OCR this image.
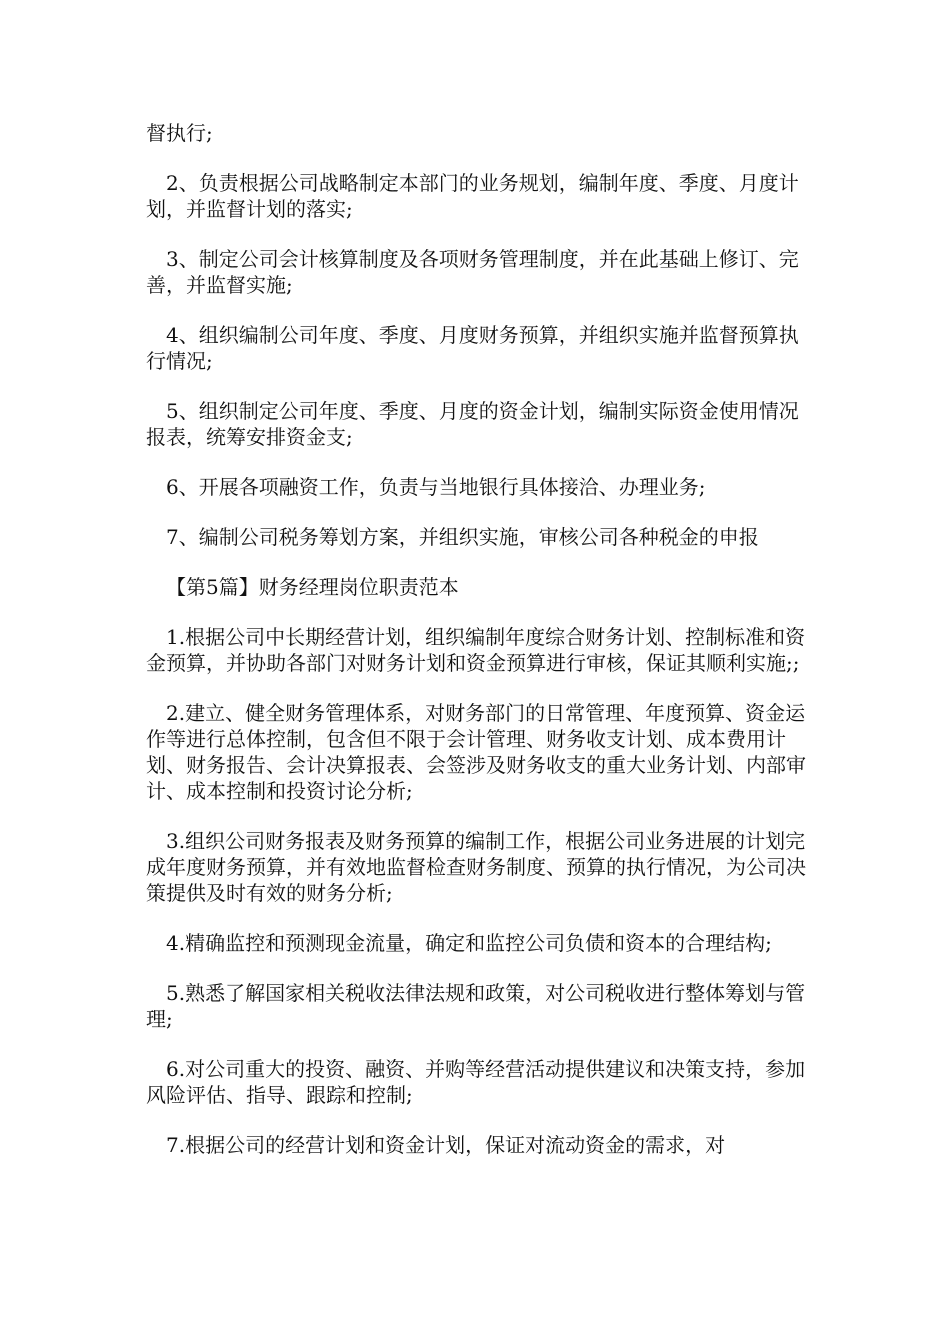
督执行;

2、负责根据公司战略制定本部门的业务规划，编制年度、季度、月度计划，并监督计划的落实;

3、制定公司会计核算制度及各项财务管理制度，并在此基础上修订、完善，并监督实施;

4、组织编制公司年度、季度、月度财务预算，并组织实施并监督预算执行情况;

5、组织制定公司年度、季度、月度的资金计划，编制实际资金使用情况报表，统筹安排资金支;

6、开展各项融资工作，负责与当地银行具体接洽、办理业务;

7、编制公司税务筹划方案，并组织实施，审核公司各种税金的申报

【第5篇】财务经理岗位职责范本

1.根据公司中长期经营计划，组织编制年度综合财务计划、控制标准和资金预算，并协助各部门对财务计划和资金预算进行审核，保证其顺利实施;;

2.建立、健全财务管理体系，对财务部门的日常管理、年度预算、资金运作等进行总体控制，包含但不限于会计管理、财务收支计划、成本费用计划、财务报告、会计决算报表、会签涉及财务收支的重大业务计划、内部审计、成本控制和投资讨论分析;

3.组织公司财务报表及财务预算的编制工作，根据公司业务进展的计划完成年度财务预算，并有效地监督检查财务制度、预算的执行情况，为公司决策提供及时有效的财务分析;

4.精确监控和预测现金流量，确定和监控公司负债和资本的合理结构;

5.熟悉了解国家相关税收法律法规和政策，对公司税收进行整体筹划与管理;

6.对公司重大的投资、融资、并购等经营活动提供建议和决策支持，参加风险评估、指导、跟踪和控制;

7.根据公司的经营计划和资金计划，保证对流动资金的需求，对
